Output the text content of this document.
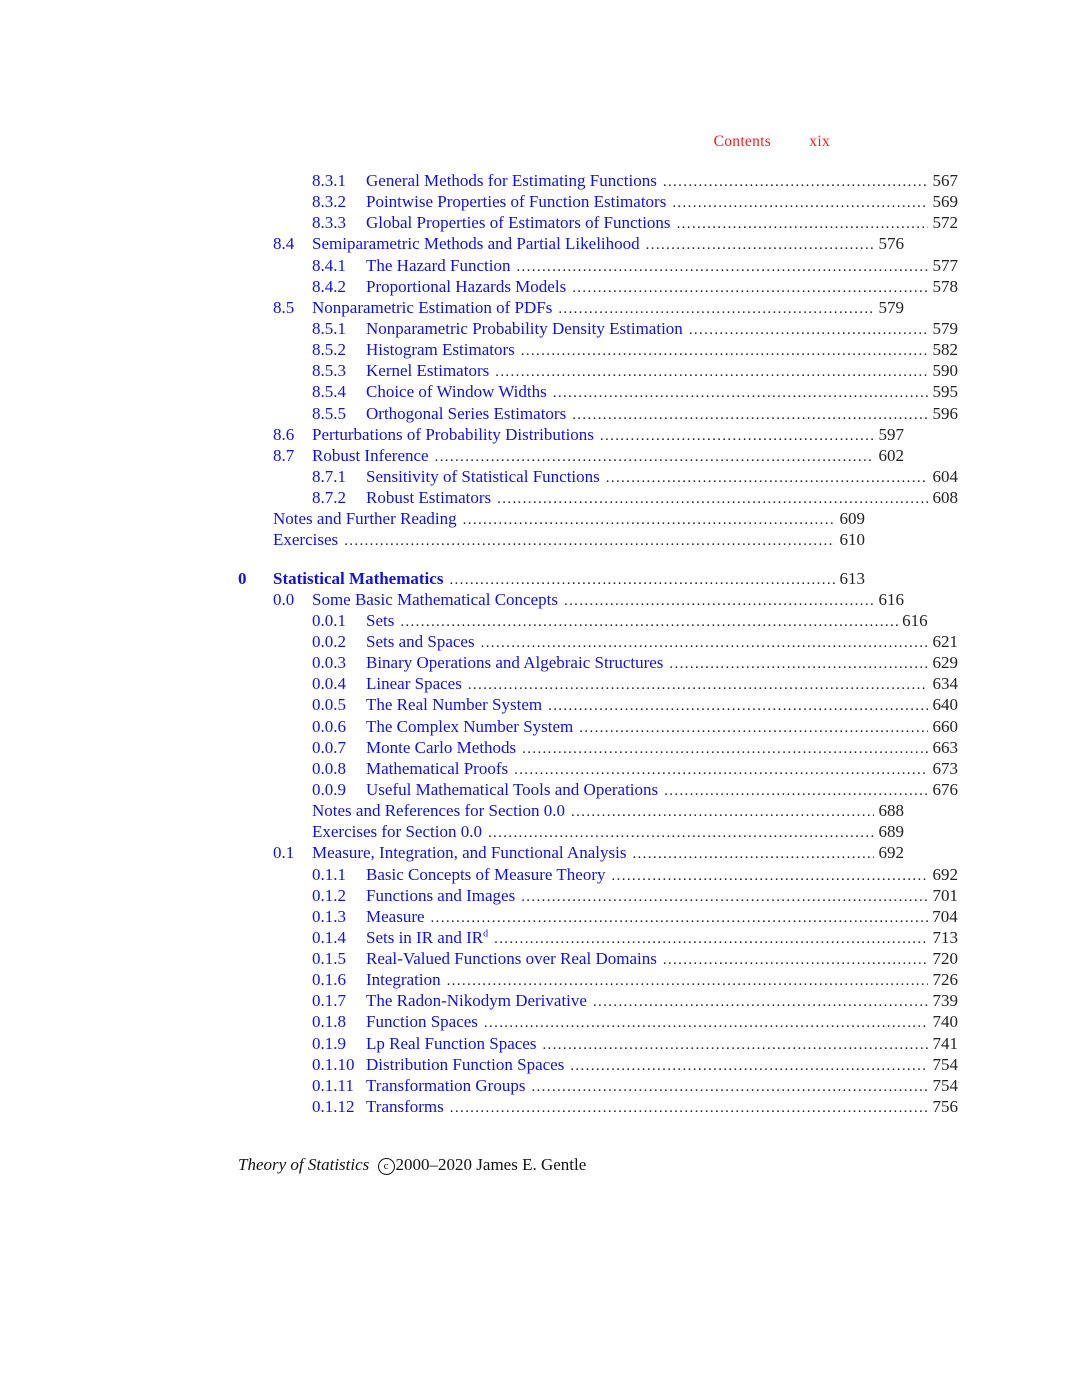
Contents xix
8.3.1 General Methods for Estimating Functions . . .	567
8.3.2 Pointwise Properties of Function Estimators . . .	569
8.3.3 Global Properties of Estimators of Functions . . .	572
8.4 Semiparametric Methods and Partial Likelihood . . .	576
8.4.1 The Hazard Function . . .	577
8.4.2 Proportional Hazards Models . . .	578
8.5 Nonparametric Estimation of PDFs . . .	579
8.5.1 Nonparametric Probability Density Estimation . . .	579
8.5.2 Histogram Estimators . . .	582
8.5.3 Kernel Estimators . . .	590
8.5.4 Choice of Window Widths . . .	595
8.5.5 Orthogonal Series Estimators . . .	596
8.6 Perturbations of Probability Distributions . . .	597
8.7 Robust Inference . . .	602
8.7.1 Sensitivity of Statistical Functions . . .	604
8.7.2 Robust Estimators . . .	608
Notes and Further Reading . . .	609
Exercises . . .	610
0 Statistical Mathematics . . .	613
0.0 Some Basic Mathematical Concepts . . .	616
0.0.1 Sets . . .	616
0.0.2 Sets and Spaces . . .	621
0.0.3 Binary Operations and Algebraic Structures . . .	629
0.0.4 Linear Spaces . . .	634
0.0.5 The Real Number System . . .	640
0.0.6 The Complex Number System . . .	660
0.0.7 Monte Carlo Methods . . .	663
0.0.8 Mathematical Proofs . . .	673
0.0.9 Useful Mathematical Tools and Operations . . .	676
Notes and References for Section 0.0 . . .	688
Exercises for Section 0.0 . . .	689
0.1 Measure, Integration, and Functional Analysis . . .	692
0.1.1 Basic Concepts of Measure Theory . . .	692
0.1.2 Functions and Images . . .	701
0.1.3 Measure . . .	704
0.1.4 Sets in IR and $IR^d$ . . .	713
0.1.5 Real-Valued Functions over Real Domains . . .	720
0.1.6 Integration . . .	726
0.1.7 The Radon-Nikodym Derivative . . .	739
0.1.8 Function Spaces . . .	740
0.1.9 Lp Real Function Spaces . . .	741
0.1.10 Distribution Function Spaces . . .	754
0.1.11 Transformation Groups . . .	754
0.1.12 Transforms . . .	756
Theory of Statistics c 2000–2020 James E. Gentle
